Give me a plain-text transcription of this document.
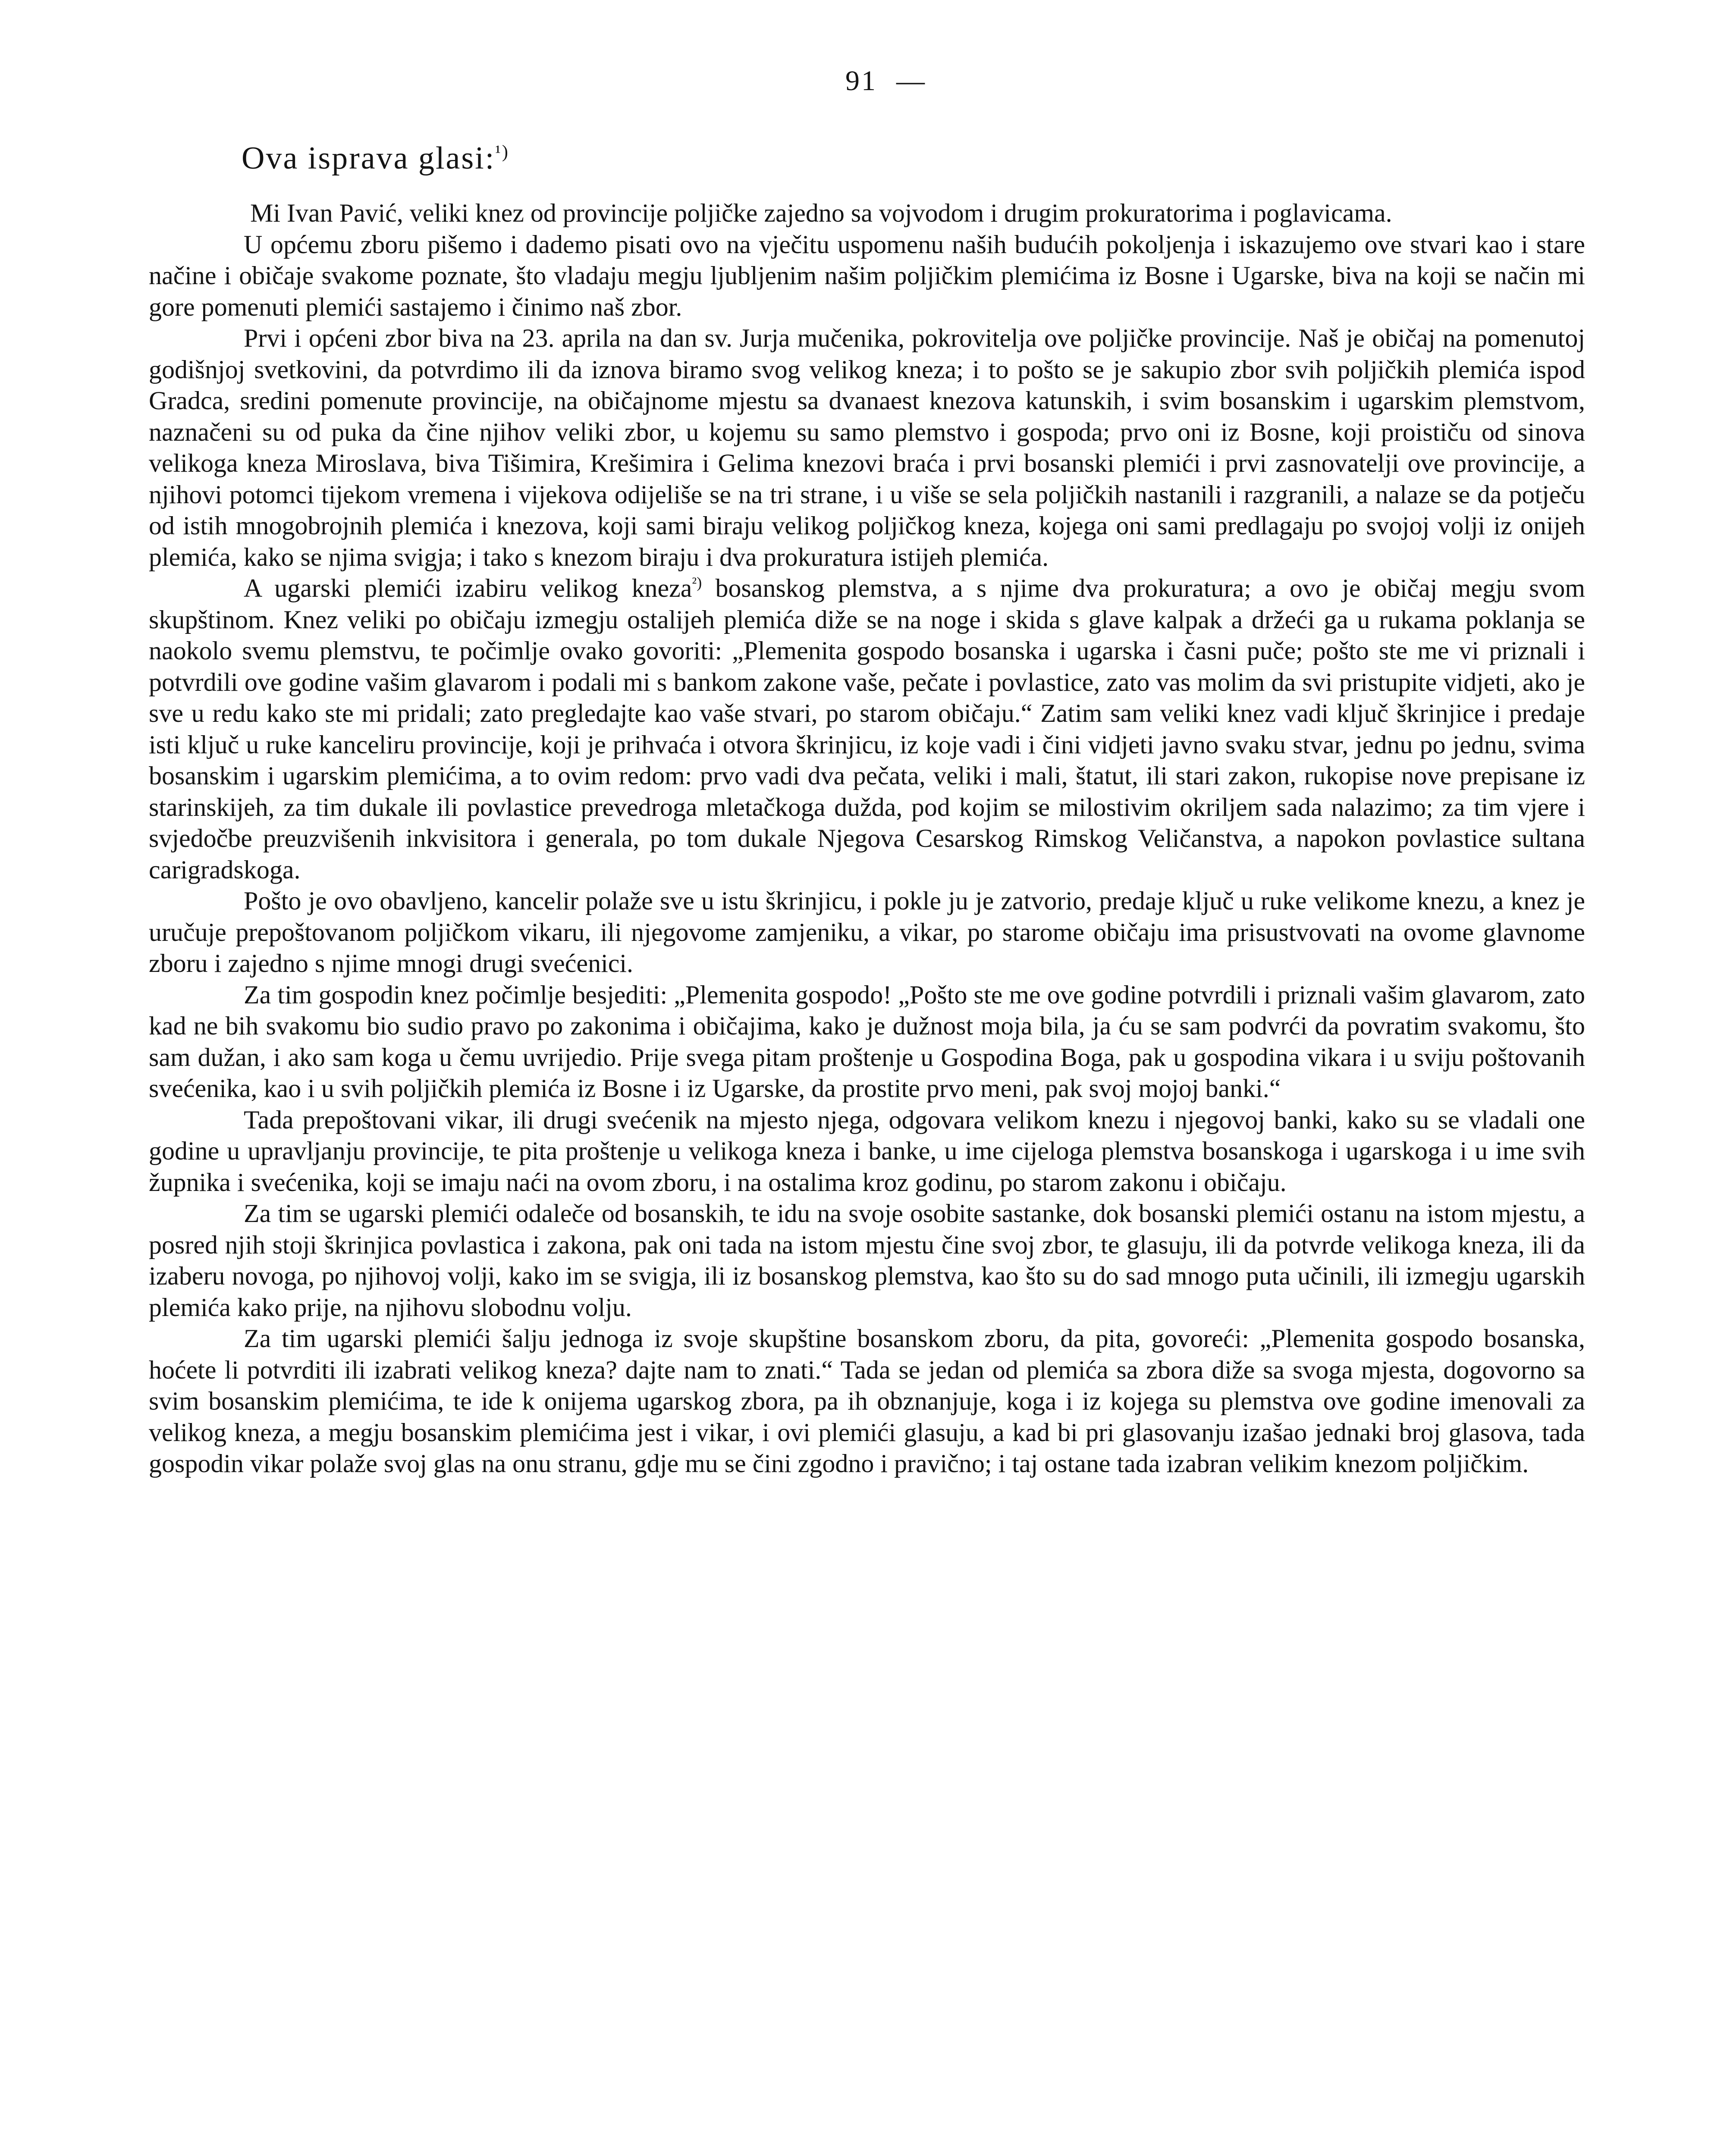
91 —
Ova isprava glasi:$^{^1)}$

Mi Ivan Pavić, veliki knez od provincije poljičke zajedno sa vojvodom i drugim prokuratorima i poglavicama.

U općemu zboru pišemo i dademo pisati ovo na vječitu uspomenu naših budućih pokoljenja i iskazujemo ove stvari kao i stare načine i običaje svakome poznate, što vladaju megju ljubljenim našim poljičkim plemićima iz Bosne i Ugarske, biva na koji se način mi gore pomenuti plemići sastajemo i činimo naš zbor.

Prvi i općeni zbor biva na 23. aprila na dan sv. Jurja mučenika, pokrovitelja ove poljičke provincije. Naš je običaj na pomenutoj godišnjoj svetkovini, da potvrdimo ili da iznova biramo svog velikog kneza; i to pošto se je sakupio zbor svih poljičkih plemića ispod Gradca, sredini pomenute provincije, na običajnome mjestu sa dvanaest knezova katunskih, i svim bosanskim i ugarskim plemstvom, naznačeni su od puka da čine njihov veliki zbor, u kojemu su samo plemstvo i gospoda; prvo oni iz Bosne, koji proističu od sinova velikoga kneza Miroslava, biva Tišimira, Krešimira i Gelima knezovi braća i prvi bosanski plemići i prvi zasnovatelji ove provincije, a njihovi potomci tijekom vremena i vijekova odijeliše se na tri strane, i u više se sela poljičkih nastanili i razgranili, a nalaze se da potječu od istih mnogobrojnih plemića i knezova, koji sami biraju velikog poljičkog kneza, kojega oni sami predlagaju po svojoj volji iz onijeh plemića, kako se njima svigja; i tako s knezom biraju i dva prokuratura istijeh plemića.

A ugarski plemići izabiru velikog kneza$^{^2)}$ bosanskog plemstva, a s njime dva prokuratura; a ovo je običaj megju svom skupštinom. Knez veliki po običaju izmegju ostalijeh plemića diže se na noge i skida s glave kalpak a držeći ga u rukama poklanja se naokolo svemu plemstvu, te počimlje ovako govoriti: „Plemenita gospodo bosanska i ugarska i časni puče; pošto ste me vi priznali i potvrdili ove godine vašim glavarom i podali mi s bankom zakone vaše, pečate i povlastice, zato vas molim da svi pristupite vidjeti, ako je sve u redu kako ste mi pridali; zato pregledajte kao vaše stvari, po starom običaju.“ Zatim sam veliki knez vadi ključ škrinjice i predaje isti ključ u ruke kanceliru provincije, koji je prihvaća i otvora škrinjicu, iz koje vadi i čini vidjeti javno svaku stvar, jednu po jednu, svima bosanskim i ugarskim plemićima, a to ovim redom: prvo vadi dva pečata, veliki i mali, štatut, ili stari zakon, rukopise nove prepisane iz starinskijeh, za tim dukale ili povlastice prevedroga mletačkoga dužda, pod kojim se milostivim okriljem sada nalazimo; za tim vjere i svjedočbe preuzvišenih inkvisitora i generala, po tom dukale Njegova Cesarskog Rimskog Veličanstva, a napokon povlastice sultana carigradskoga.

Pošto je ovo obavljeno, kancelir polaže sve u istu škrinjicu, i pokle ju je zatvorio, predaje ključ u ruke velikome knezu, a knez je uručuje prepoštovanom poljičkom vikaru, ili njegovome zamjeniku, a vikar, po starome običaju ima prisustvovati na ovome glavnome zboru i zajedno s njime mnogi drugi svećenici.

Za tim gospodin knez počimlje besjediti: „Plemenita gospodo! „Pošto ste me ove godine potvrdili i priznali vašim glavarom, zato kad ne bih svakomu bio sudio pravo po zakonima i običajima, kako je dužnost moja bila, ja ću se sam podvrći da povratim svakomu, što sam dužan, i ako sam koga u čemu uvrijedio. Prije svega pitam proštenje u Gospodina Boga, pak u gospodina vikara i u sviju poštovanih svećenika, kao i u svih poljičkih plemića iz Bosne i iz Ugarske, da prostite prvo meni, pak svoj mojoj banki.“

Tada prepoštovani vikar, ili drugi svećenik na mjesto njega, odgovara velikom knezu i njegovoj banki, kako su se vladali one godine u upravljanju provincije, te pita proštenje u velikoga kneza i banke, u ime cijeloga plemstva bosanskoga i ugarskoga i u ime svih župnika i svećenika, koji se imaju naći na ovom zboru, i na ostalima kroz godinu, po starom zakonu i običaju.

Za tim se ugarski plemići odaleče od bosanskih, te idu na svoje osobite sastanke, dok bosanski plemići ostanu na istom mjestu, a posred njih stoji škrinjica povlastica i zakona, pak oni tada na istom mjestu čine svoj zbor, te glasuju, ili da potvrde velikoga kneza, ili da izaberu novoga, po njihovoj volji, kako im se svigja, ili iz bosanskog plemstva, kao što su do sad mnogo puta učinili, ili izmegju ugarskih plemića kako prije, na njihovu slobodnu volju.

Za tim ugarski plemići šalju jednoga iz svoje skupštine bosanskom zboru, da pita, govoreći: „Plemenita gospodo bosanska, hoćete li potvrditi ili izabrati velikog kneza? dajte nam to znati.“ Tada se jedan od plemića sa zbora diže sa svoga mjesta, dogovorno sa svim bosanskim plemićima, te ide k onijema ugarskog zbora, pa ih obznanjuje, koga i iz kojega su plemstva ove godine imenovali za velikog kneza, a megju bosanskim plemićima jest i vikar, i ovi plemići glasuju, a kad bi pri glasovanju izašao jednaki broj glasova, tada gospodin vikar polaže svoj glas na onu stranu, gdje mu se čini zgodno i pravično; i taj ostane tada izabran velikim knezom poljičkim.
